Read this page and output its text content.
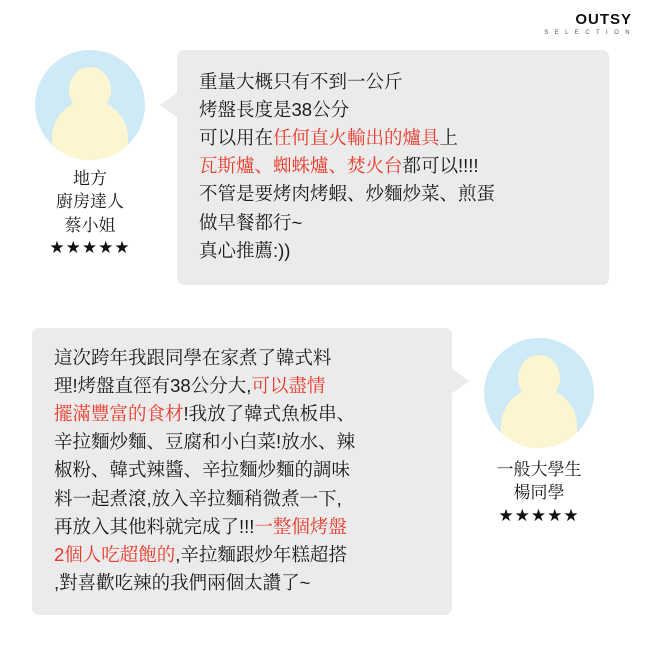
OUTSY
S E L E C T I O N
地方
廚房達人
蔡小姐
★★★★★

重量大概只有不到一公斤

烤盤長度是38公分

可以用在任何直火輸出的爐具上

瓦斯爐、蜘蛛爐、焚火台都可以!!!!

不管是要烤肉烤蝦、炒麵炒菜、煎蛋

做早餐都行~

真心推薦:))

這次跨年我跟同學在家煮了韓式料

理!烤盤直徑有38公分大,可以盡情

擺滿豐富的食材!我放了韓式魚板串、

辛拉麵炒麵、豆腐和小白菜!放水、辣

椒粉、韓式辣醬、辛拉麵炒麵的調味

料一起煮滾,放入辛拉麵稍微煮一下,

再放入其他料就完成了!!!一整個烤盤

2個人吃超飽的,辛拉麵跟炒年糕超搭

,對喜歡吃辣的我們兩個太讚了~

一般大學生
楊同學
★★★★★
